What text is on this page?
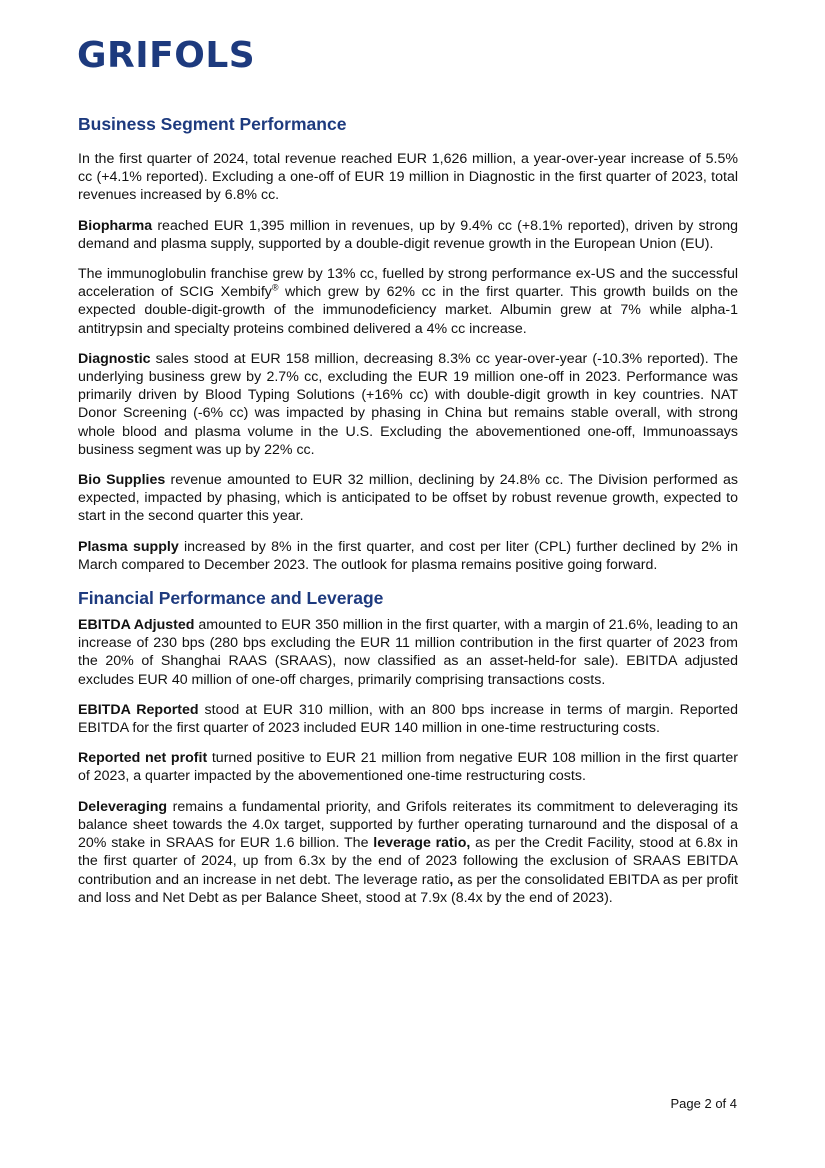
GRIFOLS
Business Segment Performance

In the first quarter of 2024, total revenue reached EUR 1,626 million, a year-over-year increase of 5.5% cc (+4.1% reported). Excluding a one-off of EUR 19 million in Diagnostic in the first quarter of 2023, total revenues increased by 6.8% cc.

Biopharma reached EUR 1,395 million in revenues, up by 9.4% cc (+8.1% reported), driven by strong demand and plasma supply, supported by a double-digit revenue growth in the European Union (EU).

The immunoglobulin franchise grew by 13% cc, fuelled by strong performance ex-US and the successful acceleration of SCIG Xembify® which grew by 62% cc in the first quarter. This growth builds on the expected double-digit-growth of the immunodeficiency market. Albumin grew at 7% while alpha-1 antitrypsin and specialty proteins combined delivered a 4% cc increase.

Diagnostic sales stood at EUR 158 million, decreasing 8.3% cc year-over-year (-10.3% reported). The underlying business grew by 2.7% cc, excluding the EUR 19 million one-off in 2023. Performance was primarily driven by Blood Typing Solutions (+16% cc) with double-digit growth in key countries. NAT Donor Screening (-6% cc) was impacted by phasing in China but remains stable overall, with strong whole blood and plasma volume in the U.S. Excluding the abovementioned one-off, Immunoassays business segment was up by 22% cc.

Bio Supplies revenue amounted to EUR 32 million, declining by 24.8% cc. The Division performed as expected, impacted by phasing, which is anticipated to be offset by robust revenue growth, expected to start in the second quarter this year.

Plasma supply increased by 8% in the first quarter, and cost per liter (CPL) further declined by 2% in March compared to December 2023. The outlook for plasma remains positive going forward.

Financial Performance and Leverage

EBITDA Adjusted amounted to EUR 350 million in the first quarter, with a margin of 21.6%, leading to an increase of 230 bps (280 bps excluding the EUR 11 million contribution in the first quarter of 2023 from the 20% of Shanghai RAAS (SRAAS), now classified as an asset-held-for sale). EBITDA adjusted excludes EUR 40 million of one-off charges, primarily comprising transactions costs.

EBITDA Reported stood at EUR 310 million, with an 800 bps increase in terms of margin. Reported EBITDA for the first quarter of 2023 included EUR 140 million in one-time restructuring costs.

Reported net profit turned positive to EUR 21 million from negative EUR 108 million in the first quarter of 2023, a quarter impacted by the abovementioned one-time restructuring costs.

Deleveraging remains a fundamental priority, and Grifols reiterates its commitment to deleveraging its balance sheet towards the 4.0x target, supported by further operating turnaround and the disposal of a 20% stake in SRAAS for EUR 1.6 billion. The leverage ratio, as per the Credit Facility, stood at 6.8x in the first quarter of 2024, up from 6.3x by the end of 2023 following the exclusion of SRAAS EBITDA contribution and an increase in net debt. The leverage ratio, as per the consolidated EBITDA as per profit and loss and Net Debt as per Balance Sheet, stood at 7.9x (8.4x by the end of 2023).

Page 2 of 4
